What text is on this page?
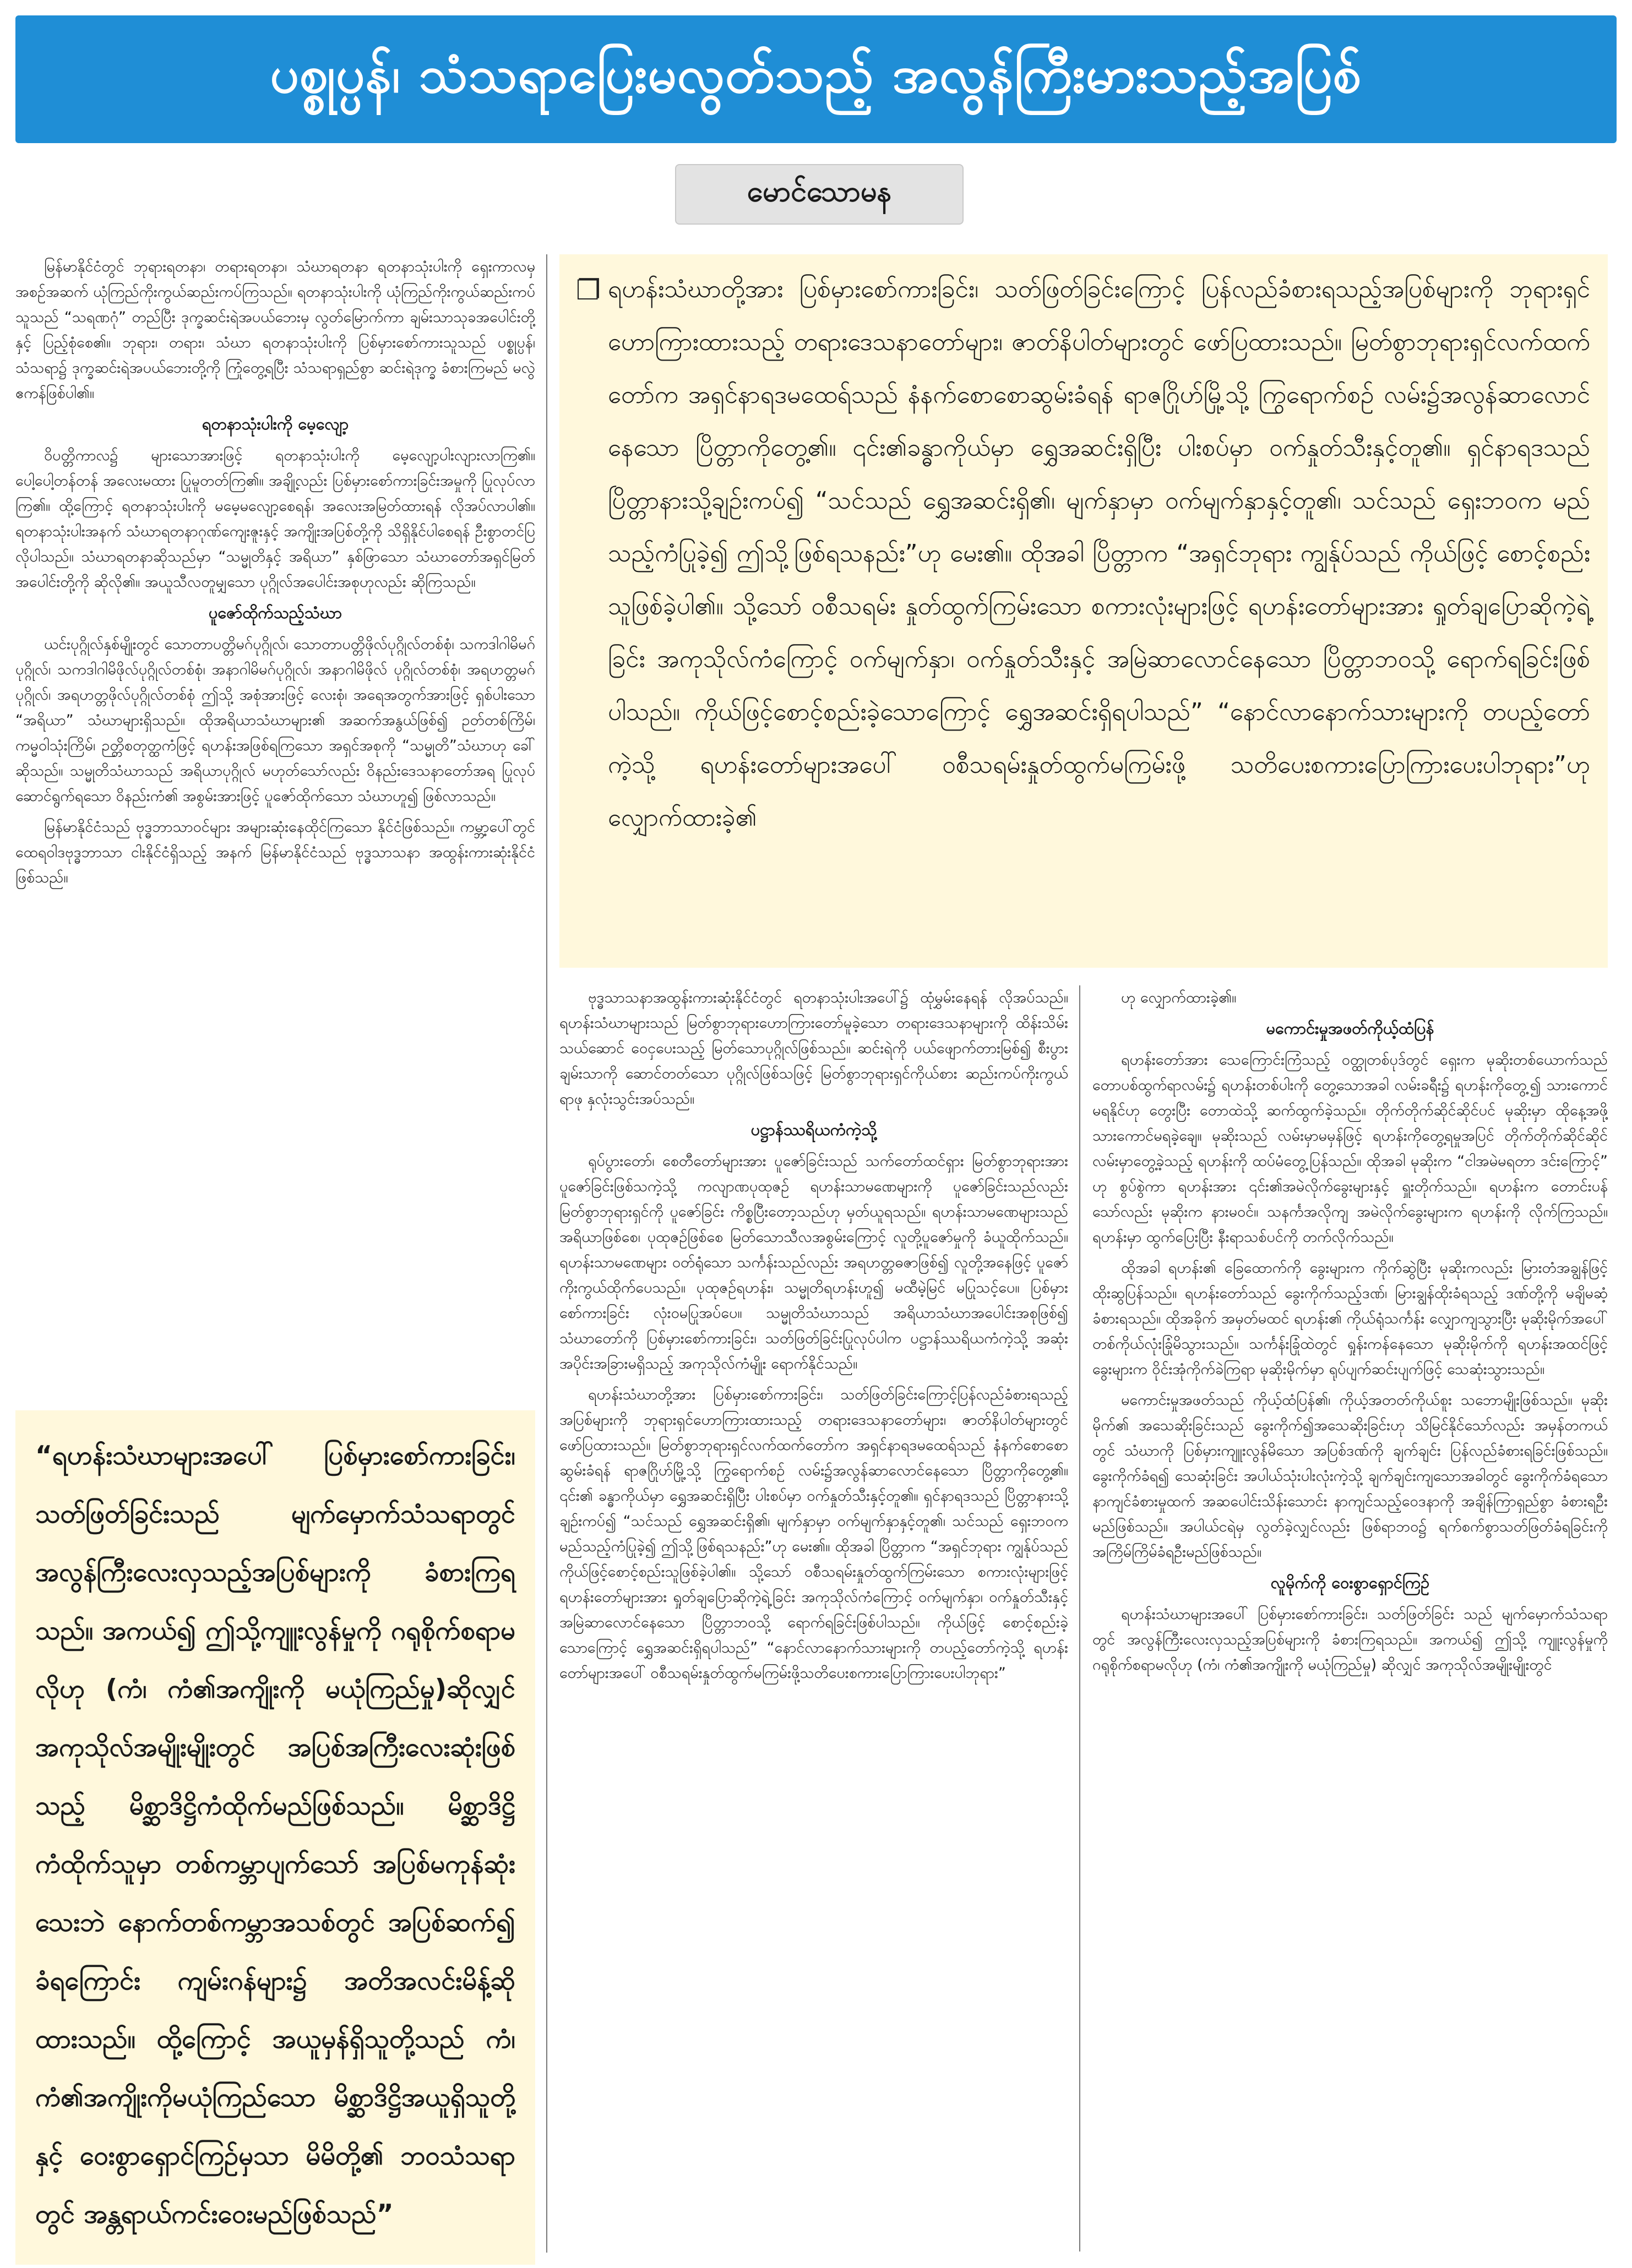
ပစ္စုပ္ပန်၊ သံသရာပြေးမလွတ်သည့် အလွန်ကြီးမားသည့်အပြစ်
မောင်သောမန

မြန်မာနိုင်ငံတွင် ဘုရားရတနာ၊ တရားရတနာ၊ သံဃာရတနာ ရတနာသုံးပါးကို ရှေးကာလမှ အစဉ်အဆက် ယုံကြည်ကိုးကွယ်ဆည်းကပ်ကြသည်။ ရတနာသုံးပါးကို ယုံကြည်ကိုးကွယ်ဆည်းကပ်သူသည် “သရဏဂုံ” တည်ပြီး ဒုက္ခဆင်းရဲအပယ်ဘေးမှ လွတ်မြောက်ကာ ချမ်းသာသုခအပေါင်းတို့နှင့် ပြည့်စုံစေ၏။ ဘုရား၊ တရား၊ သံဃာ ရတနာသုံးပါးကို ပြစ်မှားစော်ကားသူသည် ပစ္စုပ္ပန်၊ သံသရာ၌ ဒုက္ခဆင်းရဲအပယ်ဘေးတို့ကို ကြုံတွေ့ရပြီး သံသရာရှည်စွာ ဆင်းရဲဒုက္ခ ခံစားကြမည် မလွဲဧကန်ဖြစ်ပါ၏။

ရတနာသုံးပါးကို မေ့လျော့

ဝိပတ္တိကာလ၌ များသောအားဖြင့် ရတနာသုံးပါးကို မေ့လျော့ပါးလျားလာကြ၏။ ပေါ့ပေါ့တန်တန် အလေးမထား ပြုမူတတ်ကြ၏။ အချို့လည်း ပြစ်မှားစော်ကားခြင်းအမှုကို ပြုလုပ်လာကြ၏။ ထို့ကြောင့် ရတနာသုံးပါးကို မမေ့မလျော့စေရန်၊ အလေးအမြတ်ထားရန် လိုအပ်လာပါ၏။ ရတနာသုံးပါးအနက် သံဃာရတနာဂုဏ်ကျေးဇူးနှင့် အကျိုးအပြစ်တို့ကို သိရှိနိုင်ပါစေရန် ဦးစွာတင်ပြလိုပါသည်။ သံဃာရတနာဆိုသည်မှာ “သမ္မုတိနှင့် အရိယာ” နှစ်ဖြာသော သံဃာတော်အရှင်မြတ်အပေါင်းတို့ကို ဆိုလို၏။ အယူသီလတူမျှသော ပုဂ္ဂိုလ်အပေါင်းအစုဟုလည်း ဆိုကြသည်။

ပူဇော်ထိုက်သည့်သံဃာ

ယင်းပုဂ္ဂိုလ်နှစ်မျိုးတွင် သောတာပတ္တိမဂ်ပုဂ္ဂိုလ်၊ သောတာပတ္တိဖိုလ်ပုဂ္ဂိုလ်တစ်စုံ၊ သကဒါဂါမိမဂ်ပုဂ္ဂိုလ်၊ သကဒါဂါမိဖိုလ်ပုဂ္ဂိုလ်တစ်စုံ၊ အနာဂါမိမဂ်ပုဂ္ဂိုလ်၊ အနာဂါမိဖိုလ် ပုဂ္ဂိုလ်တစ်စုံ၊ အရဟတ္တမဂ်ပုဂ္ဂိုလ်၊ အရဟတ္တဖိုလ်ပုဂ္ဂိုလ်တစ်စုံ ဤသို့ အစုံအားဖြင့် လေးစုံ၊ အရေအတွက်အားဖြင့် ရှစ်ပါးသော “အရိယာ” သံဃာများရှိသည်။ ထိုအရိယာသံဃာများ၏ အဆက်အနွယ်ဖြစ်၍ ဉတ်တစ်ကြိမ်၊ ကမ္မဝါသုံးကြိမ်၊ ဉတ္တိစတုတ္ထကံဖြင့် ရဟန်းအဖြစ်ရကြသော အရှင်အစုကို “သမ္မုတိ”သံဃာဟု ခေါ်ဆိုသည်။ သမ္မုတိသံဃာသည် အရိယာပုဂ္ဂိုလ် မဟုတ်သော်လည်း ဝိနည်းဒေသနာတော်အရ ပြုလုပ်ဆောင်ရွက်ရသော ဝိနည်းကံ၏ အစွမ်းအားဖြင့် ပူဇော်ထိုက်သော သံဃာဟူ၍ ဖြစ်လာသည်။

မြန်မာနိုင်ငံသည် ဗုဒ္ဓဘာသာဝင်များ အများဆုံးနေထိုင်ကြသော နိုင်ငံဖြစ်သည်။ ကမ္ဘာ့ပေါ်တွင် ထေရဝါဒဗုဒ္ဓဘာသာ ငါးနိုင်ငံရှိသည့် အနက် မြန်မာနိုင်ငံသည် ဗုဒ္ဓသာသနာ အထွန်းကားဆုံးနိုင်ငံဖြစ်သည်။

❐ ရဟန်းသံဃာတို့အား ပြစ်မှားစော်ကားခြင်း၊ သတ်ဖြတ်ခြင်းကြောင့် ပြန်လည်ခံစားရသည့်အပြစ်များကို ဘုရားရှင်ဟောကြားထားသည့် တရားဒေသနာတော်များ၊ ဇာတ်နိပါတ်များတွင် ဖော်ပြထားသည်။ မြတ်စွာဘုရားရှင်လက်ထက်တော်က အရှင်နာရဒမထေရ်သည် နံနက်စောစောဆွမ်းခံရန် ရာဇဂြိုဟ်မြို့သို့ ကြွရောက်စဉ် လမ်း၌အလွန်ဆာလောင်နေသော ပြိတ္တာကိုတွေ့၏။ ၎င်း၏ခန္ဓာကိုယ်မှာ ရွှေအဆင်းရှိပြီး ပါးစပ်မှာ ဝက်နှုတ်သီးနှင့်တူ၏။ ရှင်နာရဒသည် ပြိတ္တာနားသို့ချဉ်းကပ်၍ “သင်သည် ရွှေအဆင်းရှိ၏၊ မျက်နှာမှာ ဝက်မျက်နှာနှင့်တူ၏၊ သင်သည် ရှေးဘဝက မည်သည့်ကံပြုခဲ့၍ ဤသို့ဖြစ်ရသနည်း”ဟု မေး၏။ ထိုအခါ ပြိတ္တာက “အရှင်ဘုရား ကျွန်ုပ်သည် ကိုယ်ဖြင့် စောင့်စည်းသူဖြစ်ခဲ့ပါ၏။ သို့သော် ဝစီသရမ်း နှုတ်ထွက်ကြမ်းသော စကားလုံးများဖြင့် ရဟန်းတော်များအား ရှုတ်ချပြောဆိုကဲ့ရဲ့ခြင်း အကုသိုလ်ကံကြောင့် ဝက်မျက်နှာ၊ ဝက်နှုတ်သီးနှင့် အမြဲဆာလောင်နေသော ပြိတ္တာဘဝသို့ ရောက်ရခြင်းဖြစ်ပါသည်။ ကိုယ်ဖြင့်စောင့်စည်းခဲ့သောကြောင့် ရွှေအဆင်းရှိရပါသည်” “နောင်လာနောက်သားများကို တပည့်တော်ကဲ့သို့ ရဟန်းတော်များအပေါ် ဝစီသရမ်းနှုတ်ထွက်မကြမ်းဖို့ သတိပေးစကားပြောကြားပေးပါဘုရား”ဟု လျှောက်ထားခဲ့၏
“ရဟန်းသံဃာများအပေါ် ပြစ်မှားစော်ကားခြင်း၊ သတ်ဖြတ်ခြင်းသည် မျက်မှောက်သံသရာတွင် အလွန်ကြီးလေးလှသည့်အပြစ်များကို ခံစားကြရသည်။ အကယ်၍ ဤသို့ကျူးလွန်မှုကို ဂရုစိုက်စရာမလိုဟု (ကံ၊ ကံ၏အကျိုးကို မယုံကြည်မှု)ဆိုလျှင် အကုသိုလ်အမျိုးမျိုးတွင် အပြစ်အကြီးလေးဆုံးဖြစ်သည့် မိစ္ဆာဒိဋ္ဌိကံထိုက်မည်ဖြစ်သည်။ မိစ္ဆာဒိဋ္ဌိကံထိုက်သူမှာ တစ်ကမ္ဘာပျက်သော် အပြစ်မကုန်ဆုံးသေးဘဲ နောက်တစ်ကမ္ဘာအသစ်တွင် အပြစ်ဆက်၍ ခံရကြောင်း ကျမ်းဂန်များ၌ အတိအလင်းမိန့်ဆိုထားသည်။ ထို့ကြောင့် အယူမှန်ရှိသူတို့သည် ကံ၊ ကံ၏အကျိုးကိုမယုံကြည်သော မိစ္ဆာဒိဋ္ဌိအယူရှိသူတို့နှင့် ဝေးစွာရှောင်ကြဉ်မှသာ မိမိတို့၏ ဘဝသံသရာတွင် အန္တရာယ်ကင်းဝေးမည်ဖြစ်သည်”

ဗုဒ္ဓသာသနာအထွန်းကားဆုံးနိုင်ငံတွင် ရတနာသုံးပါးအပေါ်၌ ထုံမွှမ်းနေရန် လိုအပ်သည်။ ရဟန်းသံဃာများသည် မြတ်စွာဘုရားဟောကြားတော်မူခဲ့သော တရားဒေသနာများကို ထိန်းသိမ်းသယ်ဆောင် ဝေငှပေးသည့် မြတ်သောပုဂ္ဂိုလ်ဖြစ်သည်။ ဆင်းရဲကို ပယ်ဖျောက်တားမြစ်၍ စီးပွားချမ်းသာကို ဆောင်တတ်သော ပုဂ္ဂိုလ်ဖြစ်သဖြင့် မြတ်စွာဘုရားရှင်ကိုယ်စား ဆည်းကပ်ကိုးကွယ်ရာဖု နှလုံးသွင်းအပ်သည်။

ပဋ္ဌာန်ဿရိယကံကဲ့သို့

ရုပ်ပွားတော်၊ စေတီတော်များအား ပူဇော်ခြင်းသည် သက်တော်ထင်ရှား မြတ်စွာဘုရားအား ပူဇော်ခြင်းဖြစ်သကဲ့သို့ ကလျာဏပုထုဇဉ် ရဟန်းသာမဏေများကို ပူဇော်ခြင်းသည်လည်း မြတ်စွာဘုရားရှင်ကို ပူဇော်ခြင်း ကိစ္စပြီးတော့သည်ဟု မှတ်ယူရသည်။ ရဟန်းသာမဏေများသည် အရိယာဖြစ်စေ၊ ပုထုဇဉ်ဖြစ်စေ မြတ်သောသီလအစွမ်းကြောင့် လူတို့ပူဇော်မှုကို ခံယူထိုက်သည်။ ရဟန်းသာမဏေများ ဝတ်ရုံသော သင်္ကန်းသည်လည်း အရဟတ္တဓဇာဖြစ်၍ လူတို့အနေဖြင့် ပူဇော်ကိုးကွယ်ထိုက်ပေသည်။ ပုထုဇဉ်ရဟန်း၊ သမ္မုတိရဟန်းဟူ၍ မထီမဲ့မြင် မပြုသင့်ပေ။ ပြစ်မှားစော်ကားခြင်း လုံးဝမပြုအပ်ပေ။ သမ္မုတိသံဃာသည် အရိယာသံဃာအပေါင်းအစုဖြစ်၍ သံဃာတော်ကို ပြစ်မှားစော်ကားခြင်း၊ သတ်ဖြတ်ခြင်းပြုလုပ်ပါက ပဋ္ဌာန်ဿရိယကံကဲ့သို့ အဆုံးအပိုင်းအခြားမရှိသည့် အကုသိုလ်ကံမျိုး ရောက်နိုင်သည်။

ရဟန်းသံဃာတို့အား ပြစ်မှားစော်ကားခြင်း၊ သတ်ဖြတ်ခြင်းကြောင့်ပြန်လည်ခံစားရသည့်အပြစ်များကို ဘုရားရှင်ဟောကြားထားသည့် တရားဒေသနာတော်များ၊ ဇာတ်နိပါတ်များတွင် ဖော်ပြထားသည်။ မြတ်စွာဘုရားရှင်လက်ထက်တော်က အရှင်နာရဒမထေရ်သည် နံနက်စောစောဆွမ်းခံရန် ရာဇဂြိုဟ်မြို့သို့ ကြွရောက်စဉ် လမ်း၌အလွန်ဆာလောင်နေသော ပြိတ္တာကိုတွေ့၏။ ၎င်း၏ ခန္ဓာကိုယ်မှာ ရွှေအဆင်းရှိပြီး ပါးစပ်မှာ ဝက်နှုတ်သီးနှင့်တူ၏။ ရှင်နာရဒသည် ပြိတ္တာနားသို့ချဉ်းကပ်၍ “သင်သည် ရွှေအဆင်းရှိ၏၊ မျက်နှာမှာ ဝက်မျက်နှာနှင့်တူ၏၊ သင်သည် ရှေးဘဝက မည်သည့်ကံပြုခဲ့၍ ဤသို့ဖြစ်ရသနည်း”ဟု မေး၏။ ထိုအခါ ပြိတ္တာက “အရှင်ဘုရား ကျွန်ုပ်သည် ကိုယ်ဖြင့်စောင့်စည်းသူဖြစ်ခဲ့ပါ၏။ သို့သော် ဝစီသရမ်းနှုတ်ထွက်ကြမ်းသော စကားလုံးများဖြင့် ရဟန်းတော်များအား ရှုတ်ချပြောဆိုကဲ့ရဲ့ခြင်း အကုသိုလ်ကံကြောင့် ဝက်မျက်နှာ၊ ဝက်နှုတ်သီးနှင့် အမြဲဆာလောင်နေသော ပြိတ္တာဘဝသို့ ရောက်ရခြင်းဖြစ်ပါသည်။ ကိုယ်ဖြင့် စောင့်စည်းခဲ့သောကြောင့် ရွှေအဆင်းရှိရပါသည်” “နောင်လာနောက်သားများကို တပည့်တော်ကဲ့သို့ ရဟန်းတော်များအပေါ် ဝစီသရမ်းနှုတ်ထွက်မကြမ်းဖို့သတိပေးစကားပြောကြားပေးပါဘုရား”

ဟု လျှောက်ထားခဲ့၏။

မကောင်းမှုအဖတ်ကိုယ့်ထံပြန်

ရဟန်းတော်အား သေကြောင်းကြံသည့် ဝတ္ထုတစ်ပုဒ်တွင် ရှေးက မုဆိုးတစ်ယောက်သည် တောပစ်ထွက်ရာလမ်း၌ ရဟန်းတစ်ပါးကို တွေ့သောအခါ လမ်းခရီး၌ ရဟန်းကိုတွေ့၍ သားကောင်မရနိုင်ဟု တွေးပြီး တောထဲသို့ ဆက်ထွက်ခဲ့သည်။ တိုက်တိုက်ဆိုင်ဆိုင်ပင် မုဆိုးမှာ ထိုနေ့အဖို့ သားကောင်မရခဲ့ချေ။ မုဆိုးသည် လမ်းမှာမမှန်ဖြင့် ရဟန်းကိုတွေ့ရမှုအပြင် တိုက်တိုက်ဆိုင်ဆိုင် လမ်းမှာတွေ့ခဲ့သည့် ရဟန်းကို ထပ်မံတွေ့ပြန်သည်။ ထိုအခါ မုဆိုးက “ငါအမဲမရတာ ဒင်းကြောင့်” ဟု စွပ်စွဲကာ ရဟန်းအား ၎င်း၏အမဲလိုက်ခွေးများနှင့် ရှူးတိုက်သည်။ ရဟန်းက တောင်းပန်သော်လည်း မုဆိုးက နားမဝင်။ သနင်္ကအလိုကျ အမဲလိုက်ခွေးများက ရဟန်းကို လိုက်ကြသည်။ ရဟန်းမှာ ထွက်ပြေးပြီး နီးရာသစ်ပင်ကို တက်လိုက်သည်။

ထိုအခါ ရဟန်း၏ ခြေထောက်ကို ခွေးများက ကိုက်ဆွဲပြီး မုဆိုးကလည်း မြားတံအချွန်ဖြင့် ထိုးဆွပြန်သည်။ ရဟန်းတော်သည် ခွေးကိုက်သည့်ဒဏ်၊ မြားချွန်ထိုးခံရသည့် ဒဏ်တို့ကို မချိမဆံ့ ခံစားရသည်။ ထိုအခိုက် အမှတ်မထင် ရဟန်း၏ ကိုယ်ရုံသင်္ကန်း လျှောကျသွားပြီး မုဆိုးမိုက်အပေါ် တစ်ကိုယ်လုံးခြုံမိသွားသည်။ သင်္ကန်းခြုံထဲတွင် ရှုန်းကန်နေသော မုဆိုးမိုက်ကို ရဟန်းအထင်ဖြင့် ခွေးများက ဝိုင်းအုံကိုက်ခဲကြရာ မုဆိုးမိုက်မှာ ရုပ်ပျက်ဆင်းပျက်ဖြင့် သေဆုံးသွားသည်။

မကောင်းမှုအဖတ်သည် ကိုယ့်ထံပြန်၏၊ ကိုယ့်အတတ်ကိုယ်စူး သဘောမျိုးဖြစ်သည်။ မုဆိုးမိုက်၏ အသေဆိုးခြင်းသည် ခွေးကိုက်၍အသေဆိုးခြင်းဟု သိမြင်နိုင်သော်လည်း အမှန်တကယ်တွင် သံဃာကို ပြစ်မှားကျူးလွန်မိသော အပြစ်ဒဏ်ကို ချက်ချင်း ပြန်လည်ခံစားရခြင်းဖြစ်သည်။ ခွေးကိုက်ခံရ၍ သေဆုံးခြင်း အပါယ်သုံးပါးလုံးကဲ့သို့ ချက်ချင်းကျသောအခါတွင် ခွေးကိုက်ခံရသော နာကျင်ခံစားမှုထက် အဆပေါင်းသိန်းသောင်း နာကျင်သည့်ဝေဒနာကို အချိန်ကြာရှည်စွာ ခံစားရဦးမည်ဖြစ်သည်။ အပါယ်ငရဲမှ လွတ်ခဲ့လျှင်လည်း ဖြစ်ရာဘဝ၌ ရက်စက်စွာသတ်ဖြတ်ခံရခြင်းကို အကြိမ်ကြိမ်ခံရဦးမည်ဖြစ်သည်။

လူမိုက်ကို ဝေးစွာရှောင်ကြဉ်

ရဟန်းသံဃာများအပေါ် ပြစ်မှားစော်ကားခြင်း၊ သတ်ဖြတ်ခြင်း သည် မျက်မှောက်သံသရာတွင် အလွန်ကြီးလေးလှသည့်အပြစ်များကို ခံစားကြရသည်။ အကယ်၍ ဤသို့ ကျူးလွန်မှုကို ဂရုစိုက်စရာမလိုဟု (ကံ၊ ကံ၏အကျိုးကို မယုံကြည်မှု) ဆိုလျှင် အကုသိုလ်အမျိုးမျိုးတွင်
